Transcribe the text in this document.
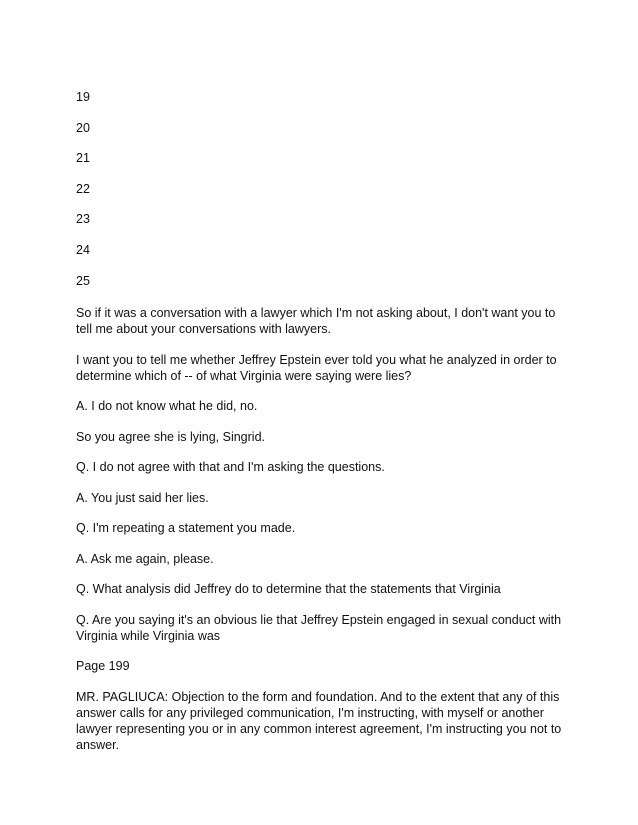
19
20
21
22
23
24
25

So if it was a conversation with a lawyer which I'm not asking about, I don't want you to tell me about your conversations with lawyers.

I want you to tell me whether Jeffrey Epstein ever told you what he analyzed in order to determine which of -- of what Virginia were saying were lies?

A. I do not know what he did, no.

So you agree she is lying, Singrid.

Q. I do not agree with that and I'm asking the questions.

A. You just said her lies.

Q. I'm repeating a statement you made.

A. Ask me again, please.

Q. What analysis did Jeffrey do to determine that the statements that Virginia

Q. Are you saying it's an obvious lie that Jeffrey Epstein engaged in sexual conduct with Virginia while Virginia was

Page 199

MR. PAGLIUCA: Objection to the form and foundation. And to the extent that any of this answer calls for any privileged communication, I'm instructing, with myself or another lawyer representing you or in any common interest agreement, I'm instructing you not to answer.
